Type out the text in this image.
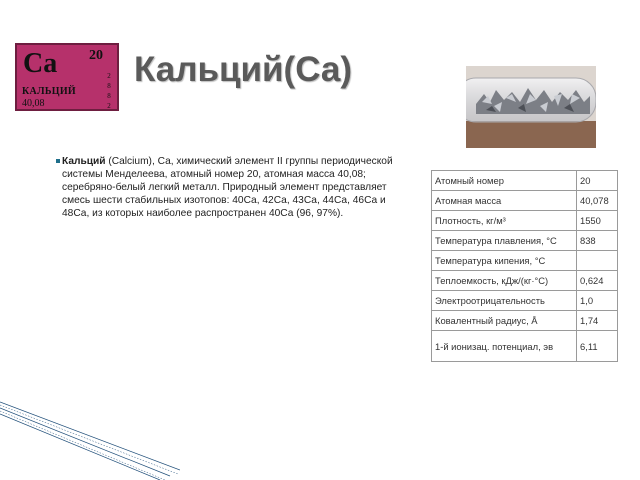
Ca 20
2
8
8
2
КАЛЬЦИЙ
40,08
Кальций(Са)
Кальций (Calcium), Са, химический элемент II группы периодической системы Менделеева, атомный номер 20, атомная масса 40,08; серебряно-белый легкий металл. Природный элемент представляет смесь шести стабильных изотопов: 40Са, 42Са, 43Са, 44Са, 46Са и 48Са, из которых наиболее распространен 40Са (96, 97%).
Атомный номер	20
Атомная масса	40,078
Плотность, кг/м³	1550
Температура плавления, °С	838
Температура кипения, °С	
Теплоемкость, кДж/(кг·°С)	0,624
Электроотрицательность	1,0
Ковалентный радиус, Å	1,74
1-й ионизац. потенциал, эв	6,11
